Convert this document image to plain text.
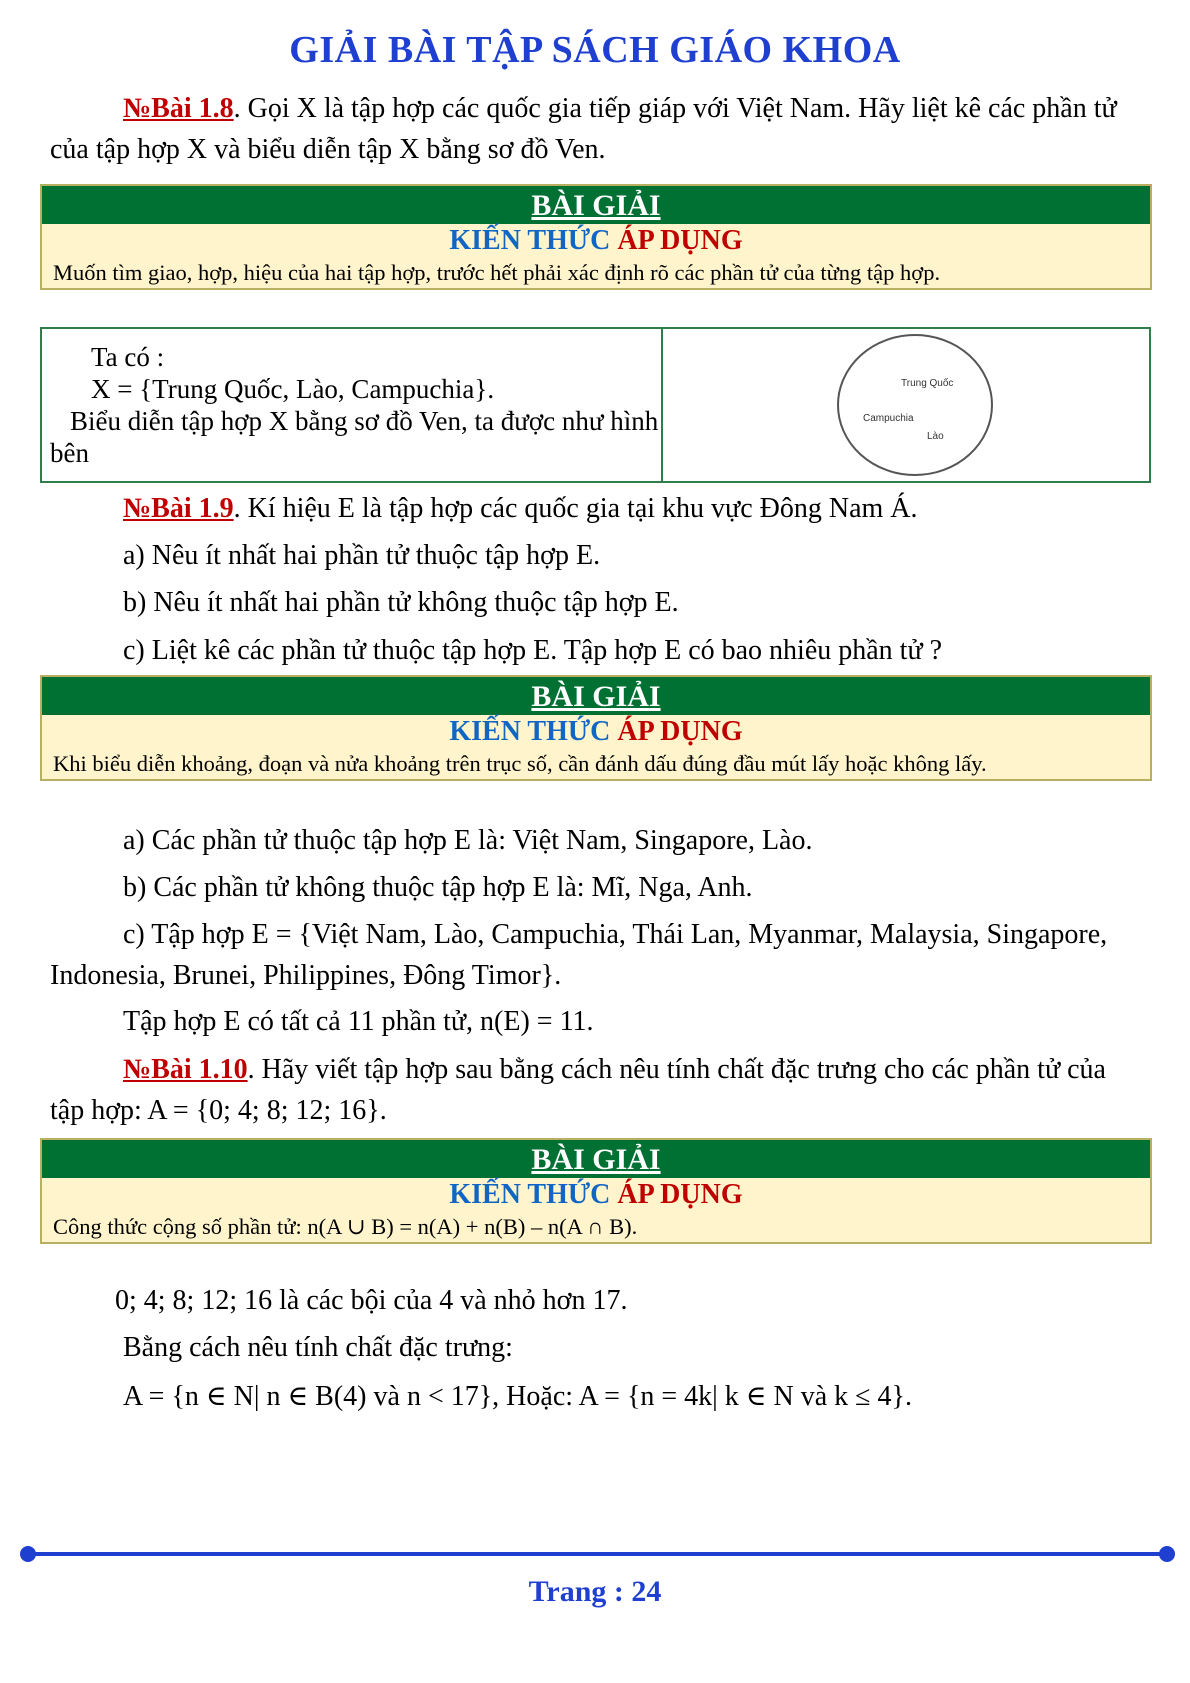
GIẢI BÀI TẬP SÁCH GIÁO KHOA

№Bài 1.8. Gọi X là tập hợp các quốc gia tiếp giáp với Việt Nam. Hãy liệt kê các phần tử của tập hợp X và biểu diễn tập X bằng sơ đồ Ven.

BÀI GIẢI
KIẾN THỨC ÁP DỤNG
Muốn tìm giao, hợp, hiệu của hai tập hợp, trước hết phải xác định rõ các phần tử của từng tập hợp.
Ta có :
X = {Trung Quốc, Lào, Campuchia}.
Biểu diễn tập hợp X bằng sơ đồ Ven, ta được như hình bên
Trung Quốc
Campuchia
Lào

№Bài 1.9. Kí hiệu E là tập hợp các quốc gia tại khu vực Đông Nam Á.

a) Nêu ít nhất hai phần tử thuộc tập hợp E.

b) Nêu ít nhất hai phần tử không thuộc tập hợp E.

c) Liệt kê các phần tử thuộc tập hợp E. Tập hợp E có bao nhiêu phần tử ?

BÀI GIẢI
KIẾN THỨC ÁP DỤNG
Khi biểu diễn khoảng, đoạn và nửa khoảng trên trục số, cần đánh dấu đúng đầu mút lấy hoặc không lấy.

a) Các phần tử thuộc tập hợp E là: Việt Nam, Singapore, Lào.

b) Các phần tử không thuộc tập hợp E là: Mĩ, Nga, Anh.

c) Tập hợp E = {Việt Nam, Lào, Campuchia, Thái Lan, Myanmar, Malaysia, Singapore, Indonesia, Brunei, Philippines, Đông Timor}.

Tập hợp E có tất cả 11 phần tử, n(E) = 11.

№Bài 1.10. Hãy viết tập hợp sau bằng cách nêu tính chất đặc trưng cho các phần tử của tập hợp: A = {0; 4; 8; 12; 16}.

BÀI GIẢI
KIẾN THỨC ÁP DỤNG
Công thức cộng số phần tử: n(A ∪ B) = n(A) + n(B) – n(A ∩ B).

0; 4; 8; 12; 16 là các bội của 4 và nhỏ hơn 17.

Bằng cách nêu tính chất đặc trưng:

A = {n ∈ N| n ∈ B(4) và n < 17}, Hoặc: A = {n = 4k| k ∈ N và k ≤ 4}.

Trang : 24
